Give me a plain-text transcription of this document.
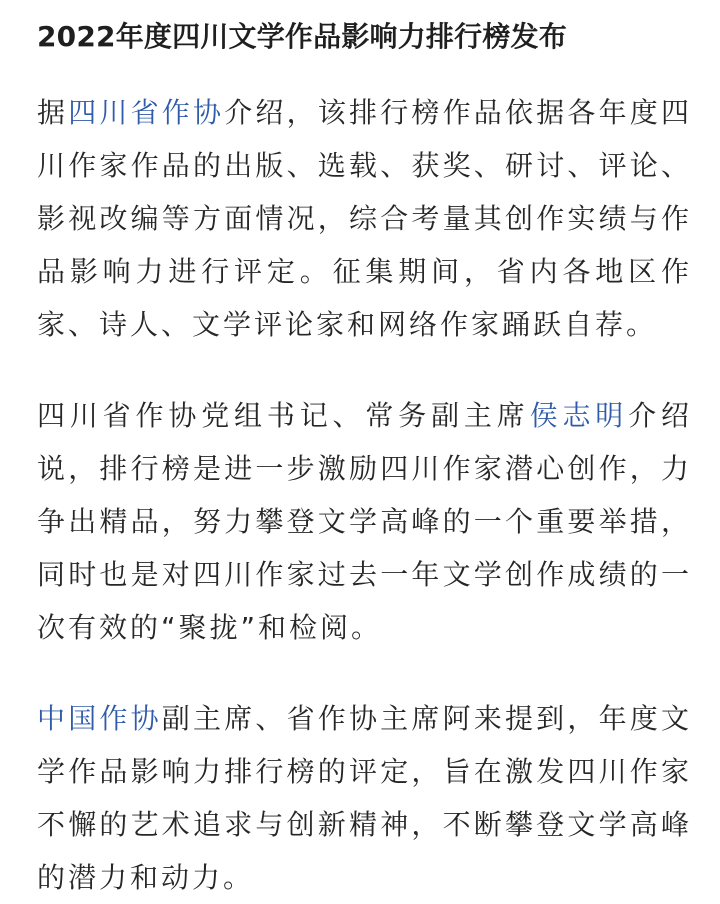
2022年度四川文学作品影响力排行榜发布

据四川省作协介绍，该排行榜作品依据各年度四川作家作品的出版、选载、获奖、研讨、评论、影视改编等方面情况，综合考量其创作实绩与作品影响力进行评定。征集期间，省内各地区作家、诗人、文学评论家和网络作家踊跃自荐。

四川省作协党组书记、常务副主席侯志明介绍说，排行榜是进一步激励四川作家潜心创作，力争出精品，努力攀登文学高峰的一个重要举措，同时也是对四川作家过去一年文学创作成绩的一次有效的“聚拢”和检阅。

中国作协副主席、省作协主席阿来提到，年度文学作品影响力排行榜的评定，旨在激发四川作家不懈的艺术追求与创新精神，不断攀登文学高峰的潜力和动力。
